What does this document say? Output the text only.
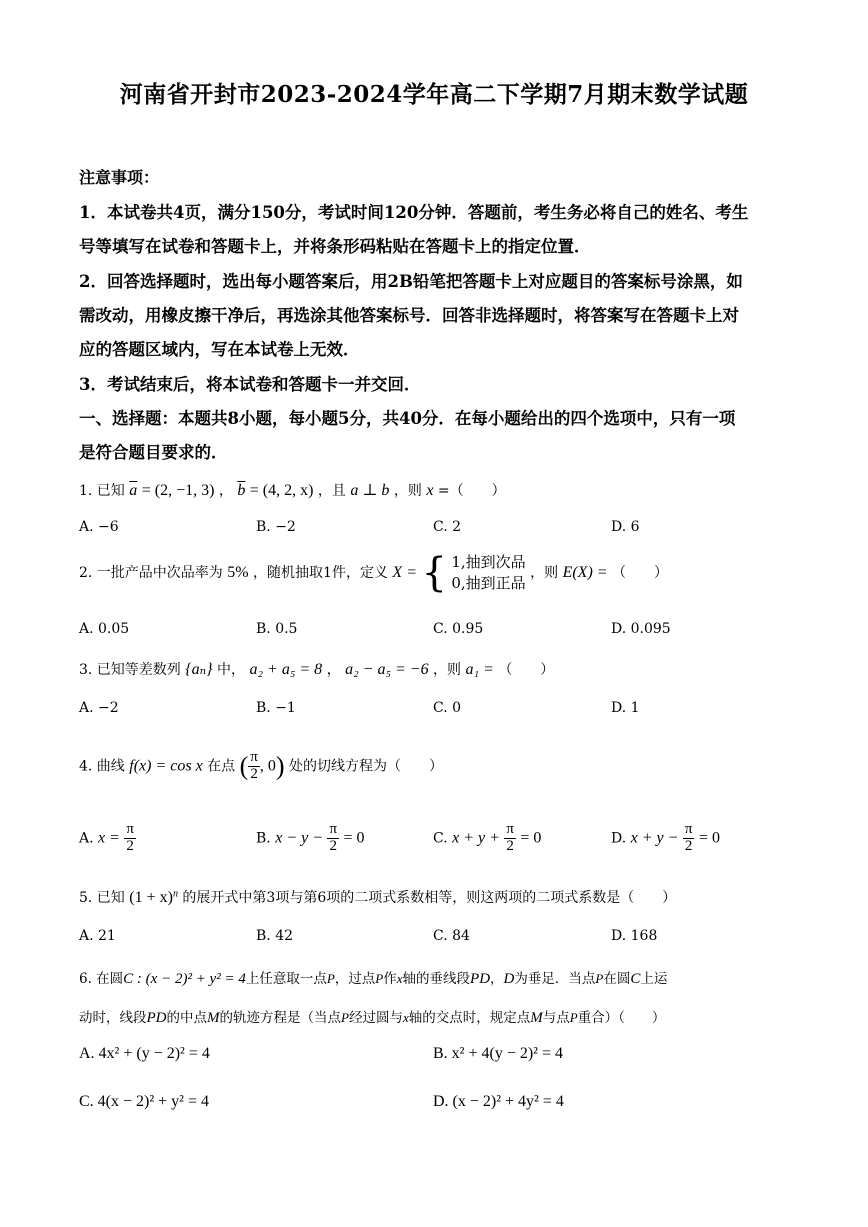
河南省开封市2023-2024学年高二下学期7月期末数学试题
注意事项：
1．本试卷共4页，满分150分，考试时间120分钟．答题前，考生务必将自己的姓名、考生
号等填写在试卷和答题卡上，并将条形码粘贴在答题卡上的指定位置．
2．回答选择题时，选出每小题答案后，用2B铅笔把答题卡上对应题目的答案标号涂黑，如
需改动，用橡皮擦干净后，再选涂其他答案标号．回答非选择题时，将答案写在答题卡上对
应的答题区域内，写在本试卷上无效．
3．考试结束后，将本试卷和答题卡一并交回．
一、选择题：本题共8小题，每小题5分，共40分．在每小题给出的四个选项中，只有一项
是符合题目要求的．
1. 已知 $\overline{a} = (2$, −1, 3) ， $\overline{b} = (4$, 2, x) ，且 a ⊥ b ，则 x =（　　）
A. −6	B. −2	C. 2	D. 6
2. 一批产品中次品率为 5% ，随机抽取1件，定义 X = { 1,抽到次品
0,抽到正品
，则 E(X) = （　　）
A. 0.05	B. 0.5	C. 0.95	D. 0.095
3. 已知等差数列 {aₙ} 中， a₂ + a₅ = 8 ， a₂ − a₅ = −6 ，则 a₁ = （　　）
A. −2	B. −1	C. 0	D. 1
4. 曲线 f(x) = cos x 在点 ( $\frac{\pi}{2}$ , 0) 处的切线方程为（　　）
A. $x = \frac{\pi}{2}$	B. $x - y - \frac{\pi}{2} = 0$	C. $x + y + \frac{\pi}{2} = 0$	D. $x + y - \frac{\pi}{2} = 0$
5. 已知 $(1 + x)^n$ 的展开式中第3项与第6项的二项式系数相等，则这两项的二项式系数是（　　）
A. 21	B. 42	C. 84	D. 168
6. 在圆C : (x − 2)² + y² = 4上任意取一点P，过点P作x轴的垂线段PD，D为垂足．当点P在圆C上运
动时，线段PD的中点M的轨迹方程是（当点P经过圆与x轴的交点时，规定点M与点P重合）（　　）
A. 4x² + (y − 2)² = 4	B. x² + 4(y − 2)² = 4
C. 4(x − 2)² + y² = 4	D. (x − 2)² + 4y² = 4
